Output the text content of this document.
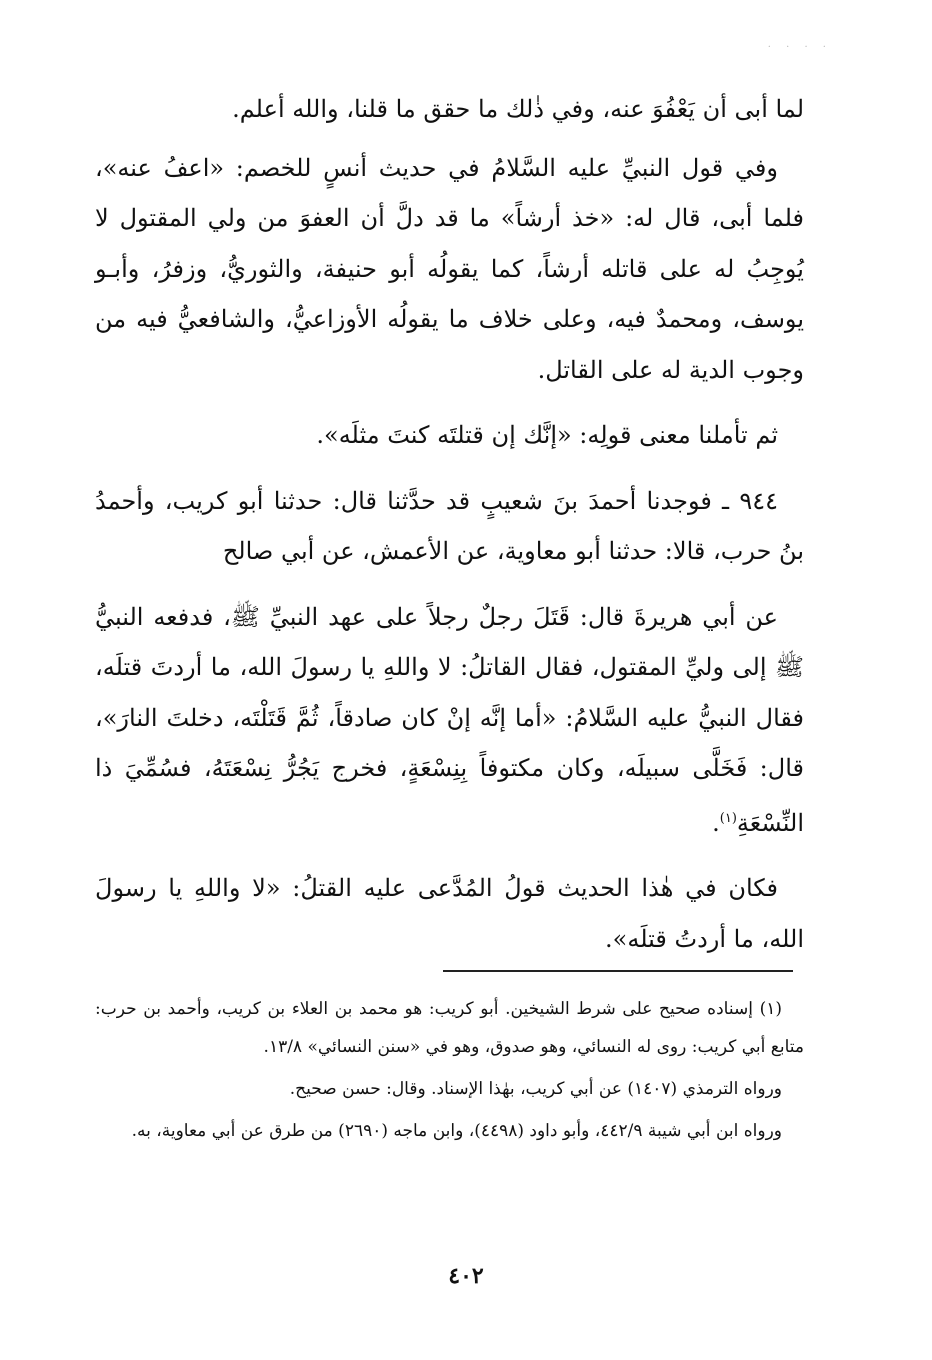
· · · ·

لما أبى أن يَعْفُوَ عنه، وفي ذٰلك ما حقق ما قلنا، والله أعلم.

وفي قول النبيِّ عليه السَّلامُ في حديث أنسٍ للخصم: «اعفُ عنه»، فلما أبى، قال له: «خذ أرشاً» ما قد دلَّ أن العفوَ من ولي المقتول لا يُوجِبُ له على قاتله أرشاً، كما يقولُه أبو حنيفة، والثوريُّ، وزفرُ، وأبـو يوسف، ومحمدٌ فيه، وعلى خلاف ما يقولُه الأوزاعيُّ، والشافعيُّ فيه من وجوب الدية له على القاتل.

ثم تأملنا معنى قولِه: «إنَّك إن قتلتَه كنتَ مثلَه».

٩٤٤ ـ فوجدنا أحمدَ بنَ شعيبٍ قد حدَّثنا قال: حدثنا أبو كريب، وأحمدُ بنُ حرب، قالا: حدثنا أبو معاوية، عن الأعمش، عن أبي صالح

عن أبي هريرةَ قال: قَتَلَ رجلٌ رجلاً على عهد النبيِّ ﷺ، فدفعه النبيُّ ﷺ إلى وليِّ المقتول، فقال القاتلُ: لا واللهِ يا رسولَ الله، ما أردتَ قتلَه، فقال النبيُّ عليه السَّلامُ: «أما إنَّه إنْ كان صادقاً، ثُمَّ قَتَلْتَه، دخلتَ النارَ»، قال: فَخَلَّى سبيلَه، وكان مكتوفاً بِنِسْعَةٍ، فخرج يَجُرُّ نِسْعَتَهُ، فسُمِّيَ ذا النِّسْعَةِ$^{(١)}$.

فكان في هٰذا الحديث قولُ المُدَّعى عليه القتلُ: «لا واللهِ يا رسولَ الله، ما أردتُ قتلَه».

(١) إسناده صحيح على شرط الشيخين. أبو كريب: هو محمد بن العلاء بن كريب، وأحمد بن حرب: متابع أبي كريب: روى له النسائي، وهو صدوق، وهو في «سنن النسائي» ١٣/٨.

ورواه الترمذي (١٤٠٧) عن أبي كريب، بهٰذا الإسناد. وقال: حسن صحيح.

ورواه ابن أبي شيبة ٤٤٢/٩، وأبو داود (٤٤٩٨)، وابن ماجه (٢٦٩٠) من طرق عن أبي معاوية، به.

٤٠٢
